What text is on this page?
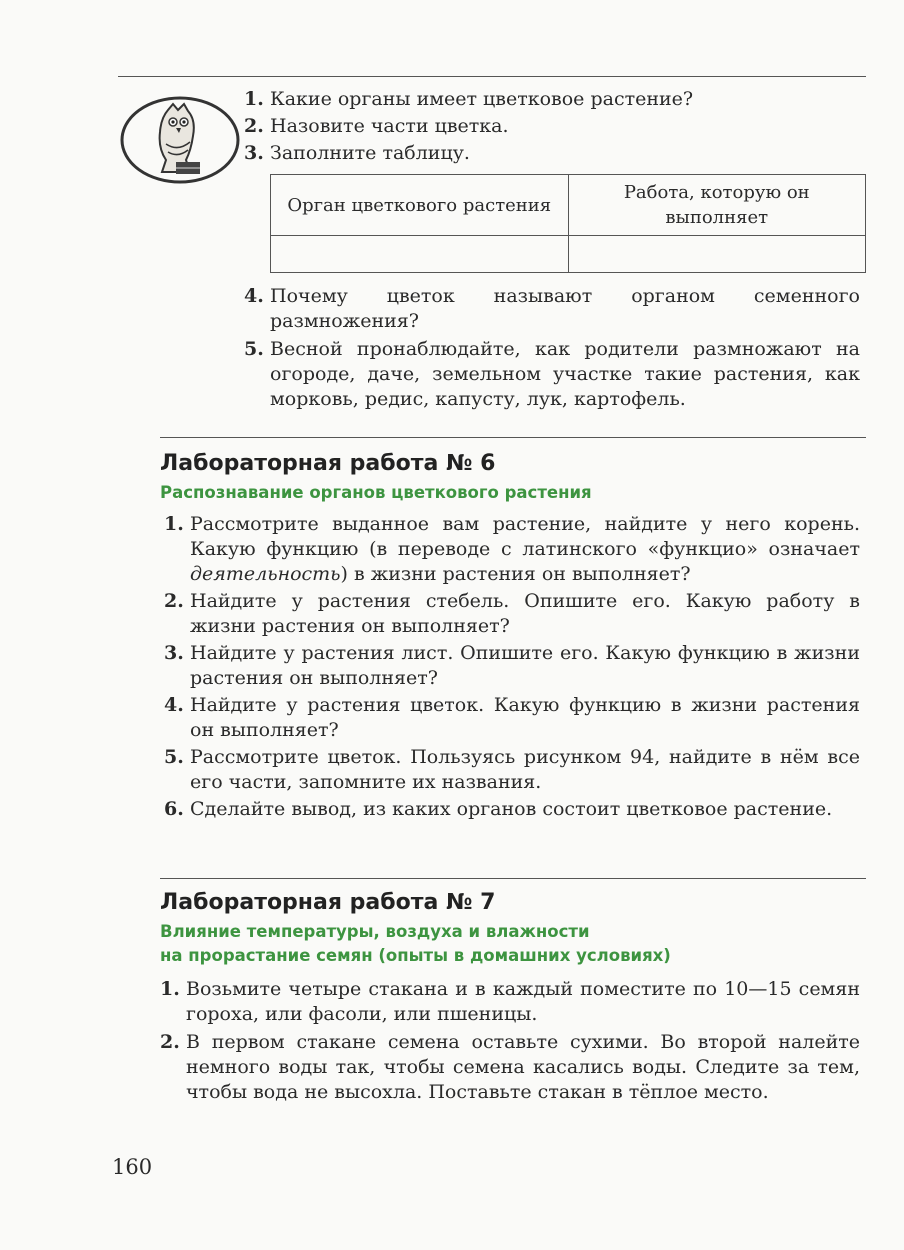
1. Какие органы имеет цветковое растение?
2. Назовите части цветка.
3. Заполните таблицу.
Орган цветкового растения	Работа, которую он выполняет

4. Почему цветок называют органом семенного размножения?
5. Весной пронаблюдайте, как родители размножают на огороде, даче, земельном участке такие растения, как морковь, редис, капусту, лук, картофель.
Лабораторная работа № 6

Распознавание органов цветкового растения

1. Рассмотрите выданное вам растение, найдите у него корень. Какую функцию (в переводе с латинского «функцио» означает деятельность) в жизни растения он выполняет?
2. Найдите у растения стебель. Опишите его. Какую работу в жизни растения он выполняет?
3. Найдите у растения лист. Опишите его. Какую функцию в жизни растения он выполняет?
4. Найдите у растения цветок. Какую функцию в жизни растения он выполняет?
5. Рассмотрите цветок. Пользуясь рисунком 94, найдите в нём все его части, запомните их названия.
6. Сделайте вывод, из каких органов состоит цветковое растение.
Лабораторная работа № 7

Влияние температуры, воздуха и влажности

на прорастание семян (опыты в домашних условиях)

1. Возьмите четыре стакана и в каждый поместите по 10—15 семян гороха, или фасоли, или пшеницы.
2. В первом стакане семена оставьте сухими. Во второй налейте немного воды так, чтобы семена касались воды. Следите за тем, чтобы вода не высохла. Поставьте стакан в тёплое место.
160
